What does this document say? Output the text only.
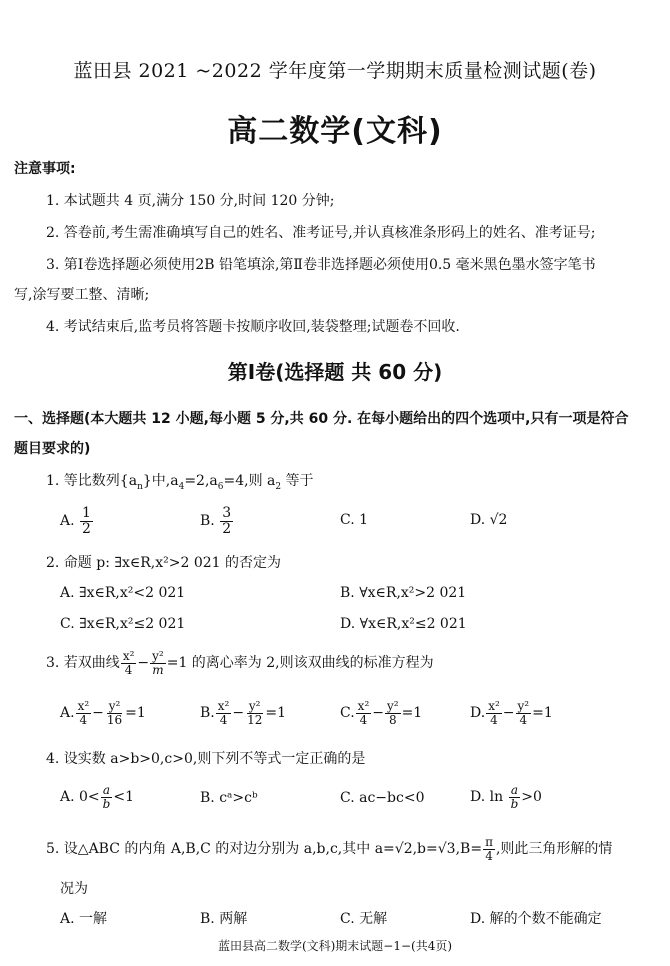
蓝田县 2021 ~2022 学年度第一学期期末质量检测试题(卷)
高二数学(文科)
注意事项:
1. 本试题共 4 页,满分 150 分,时间 120 分钟;
2. 答卷前,考生需准确填写自己的姓名、准考证号,并认真核准条形码上的姓名、准考证号;
3. 第Ⅰ卷选择题必须使用2B 铅笔填涂,第Ⅱ卷非选择题必须使用0.5 毫米黑色墨水签字笔书
写,涂写要工整、清晰;
4. 考试结束后,监考员将答题卡按顺序收回,装袋整理;试题卷不回收.
第Ⅰ卷(选择题 共 60 分)
一、选择题(本大题共 12 小题,每小题 5 分,共 60 分. 在每小题给出的四个选项中,只有一项是符合
题目要求的)
1. 等比数列$\{a_n\}$中$,a_4=2,a_6=4$,则 $a_2$ 等于
A. $\frac{1}{2}$	B. $\frac{3}{2}$	C. 1	D. √2
2. 命题 p: ∃x∈R,x²>2 021 的否定为
A. ∃x∈R,x²<2 021	B. ∀x∈R,x²>2 021
C. ∃x∈R,x²≤2 021	D. ∀x∈R,x²≤2 021
3. 若双曲线 $\frac{\text{x²}}{4} - \frac{\text{y²}}{m} =1$ 的离心率为 2,则该双曲线的标准方程为
A. $\frac{\text{x²}}{4} - \frac{\text{y²}}{16} =1$	B. $\frac{\text{x²}}{4} - \frac{\text{y²}}{12} =1$	C. $\frac{\text{x²}}{4} - \frac{\text{y²}}{8} =1$	D. $\frac{\text{x²}}{4} - \frac{\text{y²}}{4} =1$
4. 设实数 a>b>0,c>0,则下列不等式一定正确的是
A. $0< \frac{a}{b} <1$	B. cᵃ>cᵇ	C. ac−bc<0	D. $\ln \frac{a}{b} >0$
5. 设△ABC 的内角 A,B,C 的对边分别为 a,b,c,其中 $a=√2,b=√3,B= \frac{\pi}{4}$ ,则此三角形解的情
况为
A. 一解	B. 两解	C. 无解	D. 解的个数不能确定
蓝田县高二数学(文科)期末试题−1−(共4页)
